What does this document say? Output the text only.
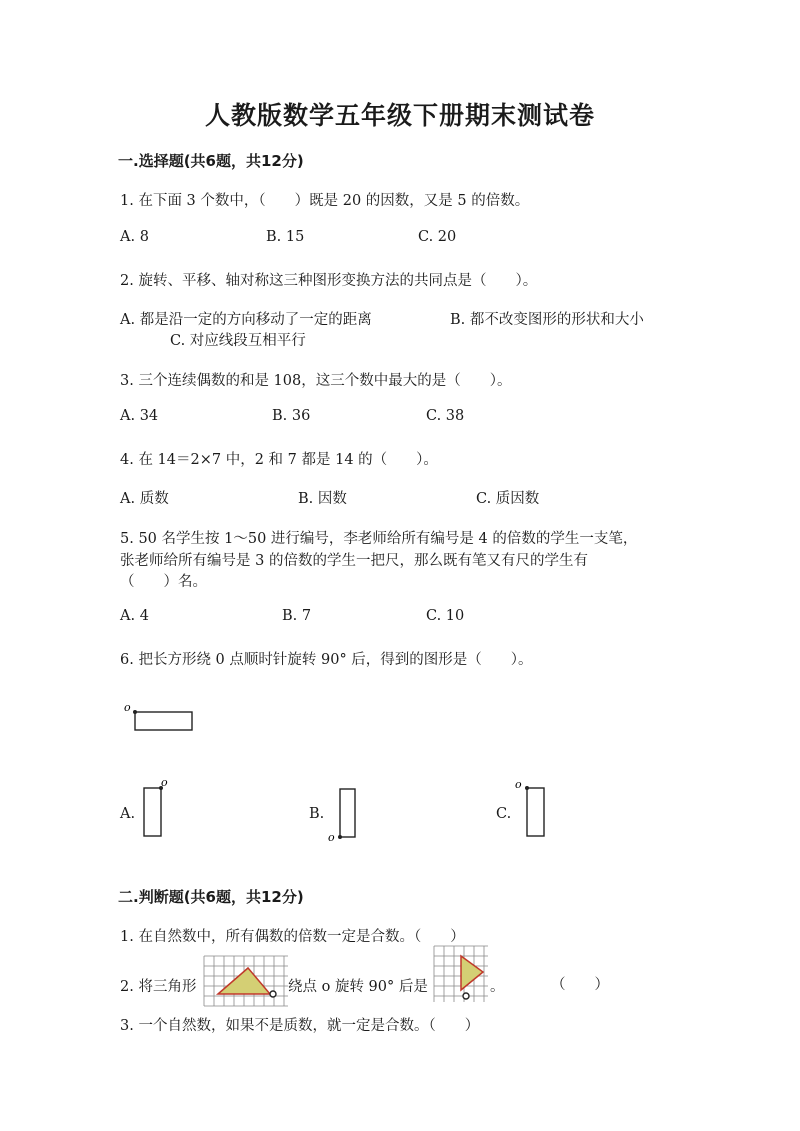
人教版数学五年级下册期末测试卷
一.选择题(共6题，共12分)
1. 在下面 3 个数中，（　　）既是 20 的因数，又是 5 的倍数。
A. 8	B. 15	C. 20
2. 旋转、平移、轴对称这三种图形变换方法的共同点是（　　）。
A. 都是沿一定的方向移动了一定的距离	B. 都不改变图形的形状和大小
C. 对应线段互相平行
3. 三个连续偶数的和是 108，这三个数中最大的是（　　）。
A. 34	B. 36	C. 38
4. 在 14＝2×7 中，2 和 7 都是 14 的（　　）。
A. 质数	B. 因数	C. 质因数
5. 50 名学生按 1～50 进行编号，李老师给所有编号是 4 的倍数的学生一支笔，
张老师给所有编号是 3 的倍数的学生一把尺，那么既有笔又有尺的学生有
（　　）名。
A. 4	B. 7	C. 10
6. 把长方形绕 0 点顺时针旋转 90° 后，得到的图形是（　　）。
o
A.
o
B.
o
C.
o
二.判断题(共6题，共12分)
1. 在自然数中，所有偶数的倍数一定是合数。（　　）
2. 将三角形	绕点 o 旋转 90° 后是	。	（　　）
3. 一个自然数，如果不是质数，就一定是合数。（　　）
